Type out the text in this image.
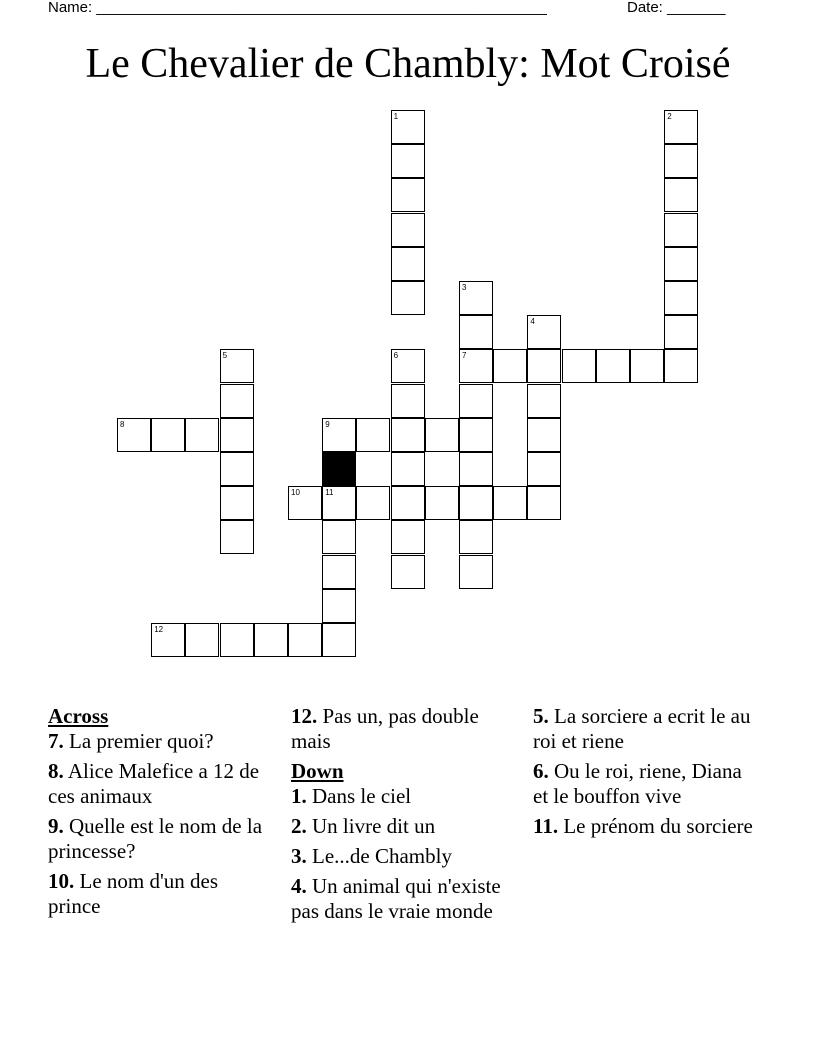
Name: ______________________________________________________	Date: _______
Le Chevalier de Chambly: Mot Croisé
1	2
3
7
4
5	6
8	9
10	11
12
Across
7. La premier quoi?
8. Alice Malefice a 12 de ces animaux
9. Quelle est le nom de la princesse?
10. Le nom d'un des prince
12. Pas un, pas double mais
Down
1. Dans le ciel
2. Un livre dit un
3. Le...de Chambly
4. Un animal qui n'existe pas dans le vraie monde
5. La sorciere a ecrit le au roi et riene
6. Ou le roi, riene, Diana et le bouffon vive
11. Le prénom du sorciere
